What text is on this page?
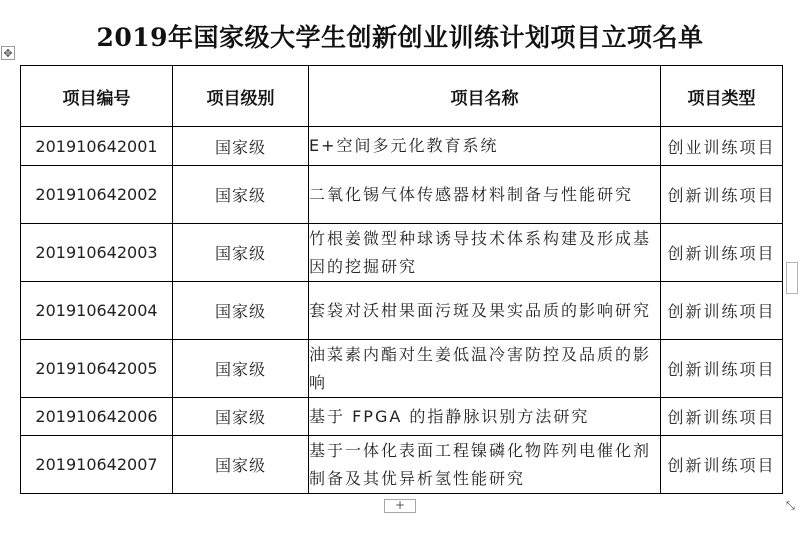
✥
2019年国家级大学生创新创业训练计划项目立项名单
项目编号	项目级别	项目名称	项目类型
201910642001	国家级	E+空间多元化教育系统	创业训练项目
201910642002	国家级	二氧化锡气体传感器材料制备与性能研究	创新训练项目
201910642003	国家级	竹根姜微型种球诱导技术体系构建及形成基因的挖掘研究	创新训练项目
201910642004	国家级	套袋对沃柑果面污斑及果实品质的影响研究	创新训练项目
201910642005	国家级	油菜素内酯对生姜低温冷害防控及品质的影响	创新训练项目
201910642006	国家级	基于 FPGA 的指静脉识别方法研究	创新训练项目
201910642007	国家级	基于一体化表面工程镍磷化物阵列电催化剂制备及其优异析氢性能研究	创新训练项目
+	⤡
